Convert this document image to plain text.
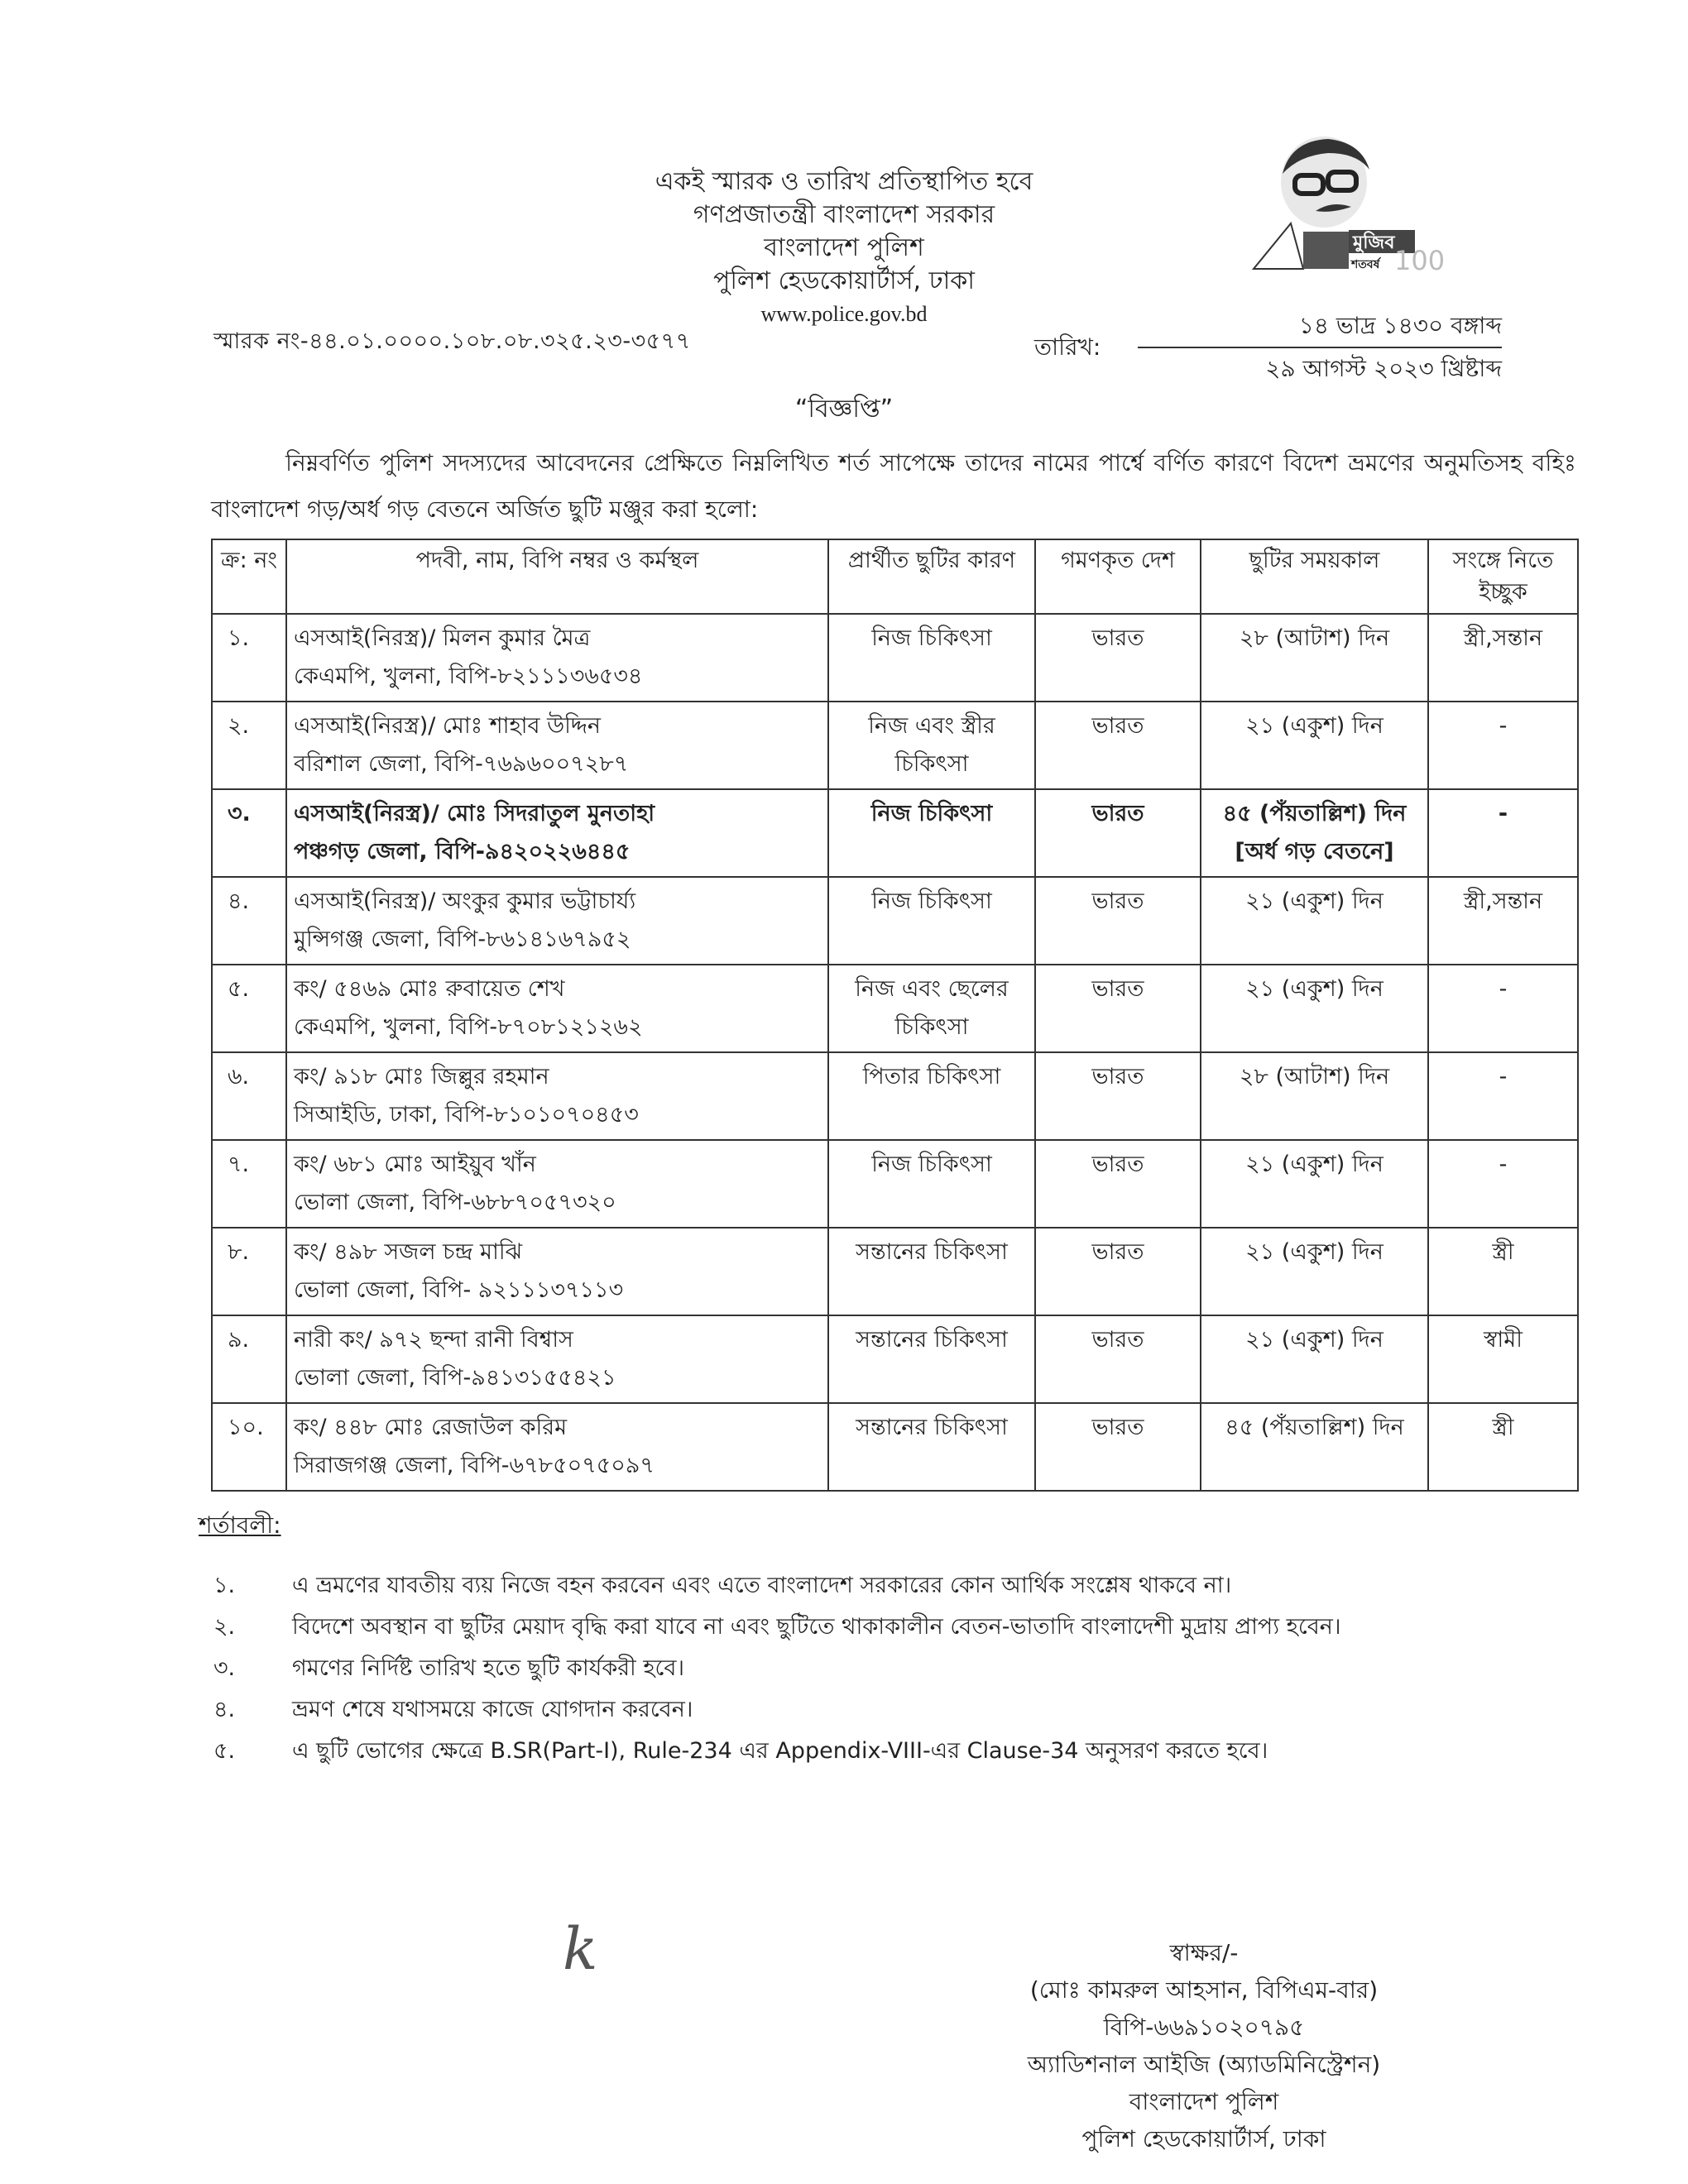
একই স্মারক ও তারিখ প্রতিস্থাপিত হবে
গণপ্রজাতন্ত্রী বাংলাদেশ সরকার
বাংলাদেশ পুলিশ
পুলিশ হেডকোয়ার্টার্স, ঢাকা
www.police.gov.bd
মুজিব
শতবর্ষ 100
স্মারক নং-৪৪.০১.০০০০.১০৮.০৮.৩২৫.২৩-৩৫৭৭	তারিখ:
১৪ ভাদ্র ১৪৩০ বঙ্গাব্দ
২৯ আগস্ট ২০২৩ খ্রিষ্টাব্দ
“বিজ্ঞপ্তি”
নিম্নবর্ণিত পুলিশ সদস্যদের আবেদনের প্রেক্ষিতে নিম্নলিখিত শর্ত সাপেক্ষে তাদের নামের পার্শ্বে বর্ণিত কারণে বিদেশ ভ্রমণের অনুমতিসহ বহিঃ বাংলাদেশ গড়/অর্ধ গড় বেতনে অর্জিত ছুটি মঞ্জুর করা হলো:
ক্র: নং	পদবী, নাম, বিপি নম্বর ও কর্মস্থল	প্রার্থীত ছুটির কারণ	গমণকৃত দেশ	ছুটির সময়কাল	সংঙ্গে নিতে ইচ্ছুক
১.	এসআই(নিরস্ত্র)/ মিলন কুমার মৈত্র
কেএমপি, খুলনা, বিপি-৮২১১১৩৬৫৩৪	নিজ চিকিৎসা	ভারত	২৮ (আটাশ) দিন	স্ত্রী,সন্তান
২.	এসআই(নিরস্ত্র)/ মোঃ শাহাব উদ্দিন
বরিশাল জেলা, বিপি-৭৬৯৬০০৭২৮৭	নিজ এবং স্ত্রীর চিকিৎসা	ভারত	২১ (একুশ) দিন	-
৩.	এসআই(নিরস্ত্র)/ মোঃ সিদরাতুল মুনতাহা
পঞ্চগড় জেলা, বিপি-৯৪২০২২৬৪৪৫
	নিজ চিকিৎসা	ভারত	৪৫ (পঁয়তাল্লিশ) দিন
[অর্ধ গড় বেতনে]
	-
৪.	এসআই(নিরস্ত্র)/ অংকুর কুমার ভট্টাচার্য্য
মুন্সিগঞ্জ জেলা, বিপি-৮৬১৪১৬৭৯৫২	নিজ চিকিৎসা	ভারত	২১ (একুশ) দিন	স্ত্রী,সন্তান
৫.	কং/ ৫৪৬৯ মোঃ রুবায়েত শেখ
কেএমপি, খুলনা, বিপি-৮৭০৮১২১২৬২	নিজ এবং ছেলের চিকিৎসা	ভারত	২১ (একুশ) দিন	-
৬.	কং/ ৯১৮ মোঃ জিল্লুর রহমান
সিআইডি, ঢাকা, বিপি-৮১০১০৭০৪৫৩	পিতার চিকিৎসা	ভারত	২৮ (আটাশ) দিন	-
৭.	কং/ ৬৮১ মোঃ আইয়ুব খাঁন
ভোলা জেলা, বিপি-৬৮৮৭০৫৭৩২০	নিজ চিকিৎসা	ভারত	২১ (একুশ) দিন	-
৮.	কং/ ৪৯৮ সজল চন্দ্র মাঝি
ভোলা জেলা, বিপি- ৯২১১১৩৭১১৩	সন্তানের চিকিৎসা	ভারত	২১ (একুশ) দিন	স্ত্রী
৯.	নারী কং/ ৯৭২ ছন্দা রানী বিশ্বাস
ভোলা জেলা, বিপি-৯৪১৩১৫৫৪২১	সন্তানের চিকিৎসা	ভারত	২১ (একুশ) দিন	স্বামী
১০.	কং/ ৪৪৮ মোঃ রেজাউল করিম
সিরাজগঞ্জ জেলা, বিপি-৬৭৮৫০৭৫০৯৭	সন্তানের চিকিৎসা	ভারত	৪৫ (পঁয়তাল্লিশ) দিন	স্ত্রী
শর্তাবলী:
১.	এ ভ্রমণের যাবতীয় ব্যয় নিজে বহন করবেন এবং এতে বাংলাদেশ সরকারের কোন আর্থিক সংশ্লেষ থাকবে না।
২.	বিদেশে অবস্থান বা ছুটির মেয়াদ বৃদ্ধি করা যাবে না এবং ছুটিতে থাকাকালীন বেতন-ভাতাদি বাংলাদেশী মুদ্রায় প্রাপ্য হবেন।
৩.	গমণের নির্দিষ্ট তারিখ হতে ছুটি কার্যকরী হবে।
৪.	ভ্রমণ শেষে যথাসময়ে কাজে যোগদান করবেন।
৫.	এ ছুটি ভোগের ক্ষেত্রে B.SR(Part-I), Rule-234 এর Appendix-VIII-এর Clause-34 অনুসরণ করতে হবে।
k	স্বাক্ষর/-
(মোঃ কামরুল আহসান, বিপিএম-বার)
বিপি-৬৬৯১০২০৭৯৫
অ্যাডিশনাল আইজি (অ্যাডমিনিস্ট্রেশন)
বাংলাদেশ পুলিশ
পুলিশ হেডকোয়ার্টার্স, ঢাকা
